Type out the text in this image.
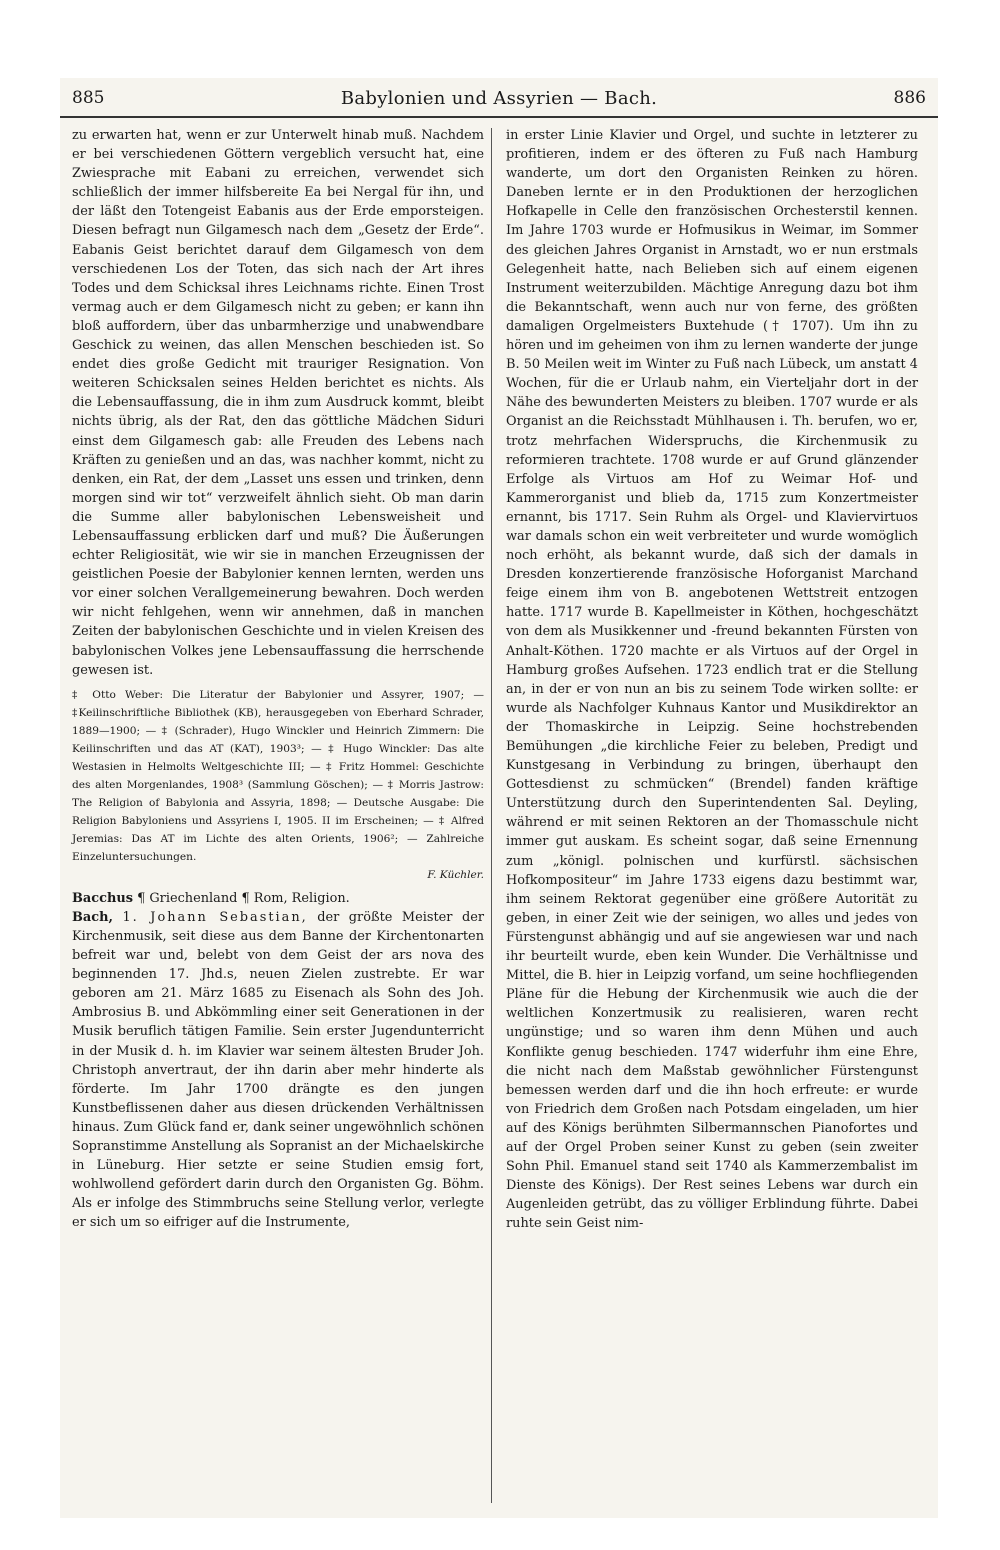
885	Babylonien und Assyrien — Bach.	886

zu erwarten hat, wenn er zur Unterwelt hinab muß. Nachdem er bei verschiedenen Göttern vergeblich versucht hat, eine Zwiesprache mit Eabani zu erreichen, verwendet sich schließlich der immer hilfsbereite Ea bei Nergal für ihn, und der läßt den Totengeist Eabanis aus der Erde emporsteigen. Diesen befragt nun Gilgamesch nach dem „Gesetz der Erde“. Eabanis Geist berichtet darauf dem Gilgamesch von dem verschiedenen Los der Toten, das sich nach der Art ihres Todes und dem Schicksal ihres Leichnams richte. Einen Trost vermag auch er dem Gilgamesch nicht zu geben; er kann ihn bloß auffordern, über das unbarmherzige und unabwendbare Geschick zu weinen, das allen Menschen beschieden ist. So endet dies große Gedicht mit trauriger Resignation. Von weiteren Schicksalen seines Helden berichtet es nichts. Als die Lebensauffassung, die in ihm zum Ausdruck kommt, bleibt nichts übrig, als der Rat, den das göttliche Mädchen Siduri einst dem Gilgamesch gab: alle Freuden des Lebens nach Kräften zu genießen und an das, was nachher kommt, nicht zu denken, ein Rat, der dem „Lasset uns essen und trinken, denn morgen sind wir tot“ verzweifelt ähnlich sieht. Ob man darin die Summe aller babylonischen Lebensweisheit und Lebensauffassung erblicken darf und muß? Die Äußerungen echter Religiosität, wie wir sie in manchen Erzeugnissen der geistlichen Poesie der Babylonier kennen lernten, werden uns vor einer solchen Verallgemeinerung bewahren. Doch werden wir nicht fehlgehen, wenn wir annehmen, daß in manchen Zeiten der babylonischen Geschichte und in vielen Kreisen des babylonischen Volkes jene Lebensauffassung die herrschende gewesen ist.

‡ Otto Weber: Die Literatur der Babylonier und Assyrer, 1907; — ‡Keilinschriftliche Bibliothek (KB), herausgegeben von Eberhard Schrader, 1889—1900; — ‡ (Schrader), Hugo Winckler und Heinrich Zimmern: Die Keilinschriften und das AT (KAT), 1903³; — ‡ Hugo Winckler: Das alte Westasien in Helmolts Weltgeschichte III; — ‡ Fritz Hommel: Geschichte des alten Morgenlandes, 1908³ (Sammlung Göschen); — ‡ Morris Jastrow: The Religion of Babylonia and Assyria, 1898; — Deutsche Ausgabe: Die Religion Babyloniens und Assyriens I, 1905. II im Erscheinen; — ‡ Alfred Jeremias: Das AT im Lichte des alten Orients, 1906²; — Zahlreiche Einzeluntersuchungen.

F. Küchler.

Bacchus ¶ Griechenland ¶ Rom, Religion.

Bach, 1. Johann Sebastian, der größte Meister der Kirchenmusik, seit diese aus dem Banne der Kirchentonarten befreit war und, belebt von dem Geist der ars nova des beginnenden 17. Jhd.s, neuen Zielen zustrebte. Er war geboren am 21. März 1685 zu Eisenach als Sohn des Joh. Ambrosius B. und Abkömmling einer seit Generationen in der Musik beruflich tätigen Familie. Sein erster Jugendunterricht in der Musik d. h. im Klavier war seinem ältesten Bruder Joh. Christoph anvertraut, der ihn darin aber mehr hinderte als förderte. Im Jahr 1700 drängte es den jungen Kunstbeflissenen daher aus diesen drückenden Verhältnissen hinaus. Zum Glück fand er, dank seiner ungewöhnlich schönen Sopranstimme Anstellung als Sopranist an der Michaelskirche in Lüneburg. Hier setzte er seine Studien emsig fort, wohlwollend gefördert darin durch den Organisten Gg. Böhm. Als er infolge des Stimmbruchs seine Stellung verlor, verlegte er sich um so eifriger auf die Instrumente,

in erster Linie Klavier und Orgel, und suchte in letzterer zu profitieren, indem er des öfteren zu Fuß nach Hamburg wanderte, um dort den Organisten Reinken zu hören. Daneben lernte er in den Produktionen der herzoglichen Hofkapelle in Celle den französischen Orchesterstil kennen. Im Jahre 1703 wurde er Hofmusikus in Weimar, im Sommer des gleichen Jahres Organist in Arnstadt, wo er nun erstmals Gelegenheit hatte, nach Belieben sich auf einem eigenen Instrument weiterzubilden. Mächtige Anregung dazu bot ihm die Bekanntschaft, wenn auch nur von ferne, des größten damaligen Orgelmeisters Buxtehude († 1707). Um ihn zu hören und im geheimen von ihm zu lernen wanderte der junge B. 50 Meilen weit im Winter zu Fuß nach Lübeck, um anstatt 4 Wochen, für die er Urlaub nahm, ein Vierteljahr dort in der Nähe des bewunderten Meisters zu bleiben. 1707 wurde er als Organist an die Reichsstadt Mühlhausen i. Th. berufen, wo er, trotz mehrfachen Widerspruchs, die Kirchenmusik zu reformieren trachtete. 1708 wurde er auf Grund glänzender Erfolge als Virtuos am Hof zu Weimar Hof- und Kammerorganist und blieb da, 1715 zum Konzertmeister ernannt, bis 1717. Sein Ruhm als Orgel- und Klaviervirtuos war damals schon ein weit verbreiteter und wurde womöglich noch erhöht, als bekannt wurde, daß sich der damals in Dresden konzertierende französische Hoforganist Marchand feige einem ihm von B. angebotenen Wettstreit entzogen hatte. 1717 wurde B. Kapellmeister in Köthen, hochgeschätzt von dem als Musikkenner und -freund bekannten Fürsten von Anhalt-Köthen. 1720 machte er als Virtuos auf der Orgel in Hamburg großes Aufsehen. 1723 endlich trat er die Stellung an, in der er von nun an bis zu seinem Tode wirken sollte: er wurde als Nachfolger Kuhnaus Kantor und Musikdirektor an der Thomaskirche in Leipzig. Seine hochstrebenden Bemühungen „die kirchliche Feier zu beleben, Predigt und Kunstgesang in Verbindung zu bringen, überhaupt den Gottesdienst zu schmücken“ (Brendel) fanden kräftige Unterstützung durch den Superintendenten Sal. Deyling, während er mit seinen Rektoren an der Thomasschule nicht immer gut auskam. Es scheint sogar, daß seine Ernennung zum „königl. polnischen und kurfürstl. sächsischen Hofkompositeur“ im Jahre 1733 eigens dazu bestimmt war, ihm seinem Rektorat gegenüber eine größere Autorität zu geben, in einer Zeit wie der seinigen, wo alles und jedes von Fürstengunst abhängig und auf sie angewiesen war und nach ihr beurteilt wurde, eben kein Wunder. Die Verhältnisse und Mittel, die B. hier in Leipzig vorfand, um seine hochfliegenden Pläne für die Hebung der Kirchenmusik wie auch die der weltlichen Konzertmusik zu realisieren, waren recht ungünstige; und so waren ihm denn Mühen und auch Konflikte genug beschieden. 1747 widerfuhr ihm eine Ehre, die nicht nach dem Maßstab gewöhnlicher Fürstengunst bemessen werden darf und die ihn hoch erfreute: er wurde von Friedrich dem Großen nach Potsdam eingeladen, um hier auf des Königs berühmten Silbermannschen Pianofortes und auf der Orgel Proben seiner Kunst zu geben (sein zweiter Sohn Phil. Emanuel stand seit 1740 als Kammerzembalist im Dienste des Königs). Der Rest seines Lebens war durch ein Augenleiden getrübt, das zu völliger Erblindung führte. Dabei ruhte sein Geist nim-
